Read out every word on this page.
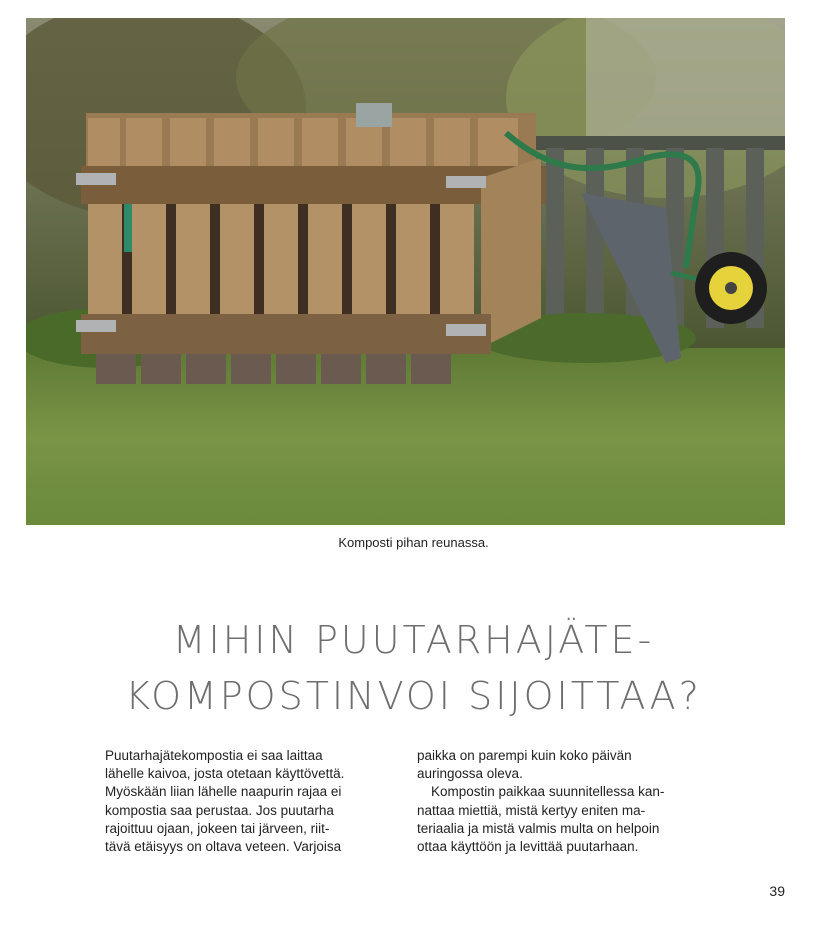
Komposti pihan reunassa.
MIHIN PUUTARHAJÄTE-
KOMPOSTINVOI SIJOITTAA?

Puutarhajätekompostia ei saa laittaa
lähelle kaivoa, josta otetaan käyttövettä.
Myöskään liian lähelle naapurin rajaa ei
kompostia saa perustaa. Jos puutarha
rajoittuu ojaan, jokeen tai järveen, riit-
tävä etäisyys on oltava veteen. Varjoisa

paikka on parempi kuin koko päivän
auringossa oleva.

Kompostin paikkaa suunnitellessa kan-
nattaa miettiä, mistä kertyy eniten ma-
teriaalia ja mistä valmis multa on helpoin
ottaa käyttöön ja levittää puutarhaan.

39
